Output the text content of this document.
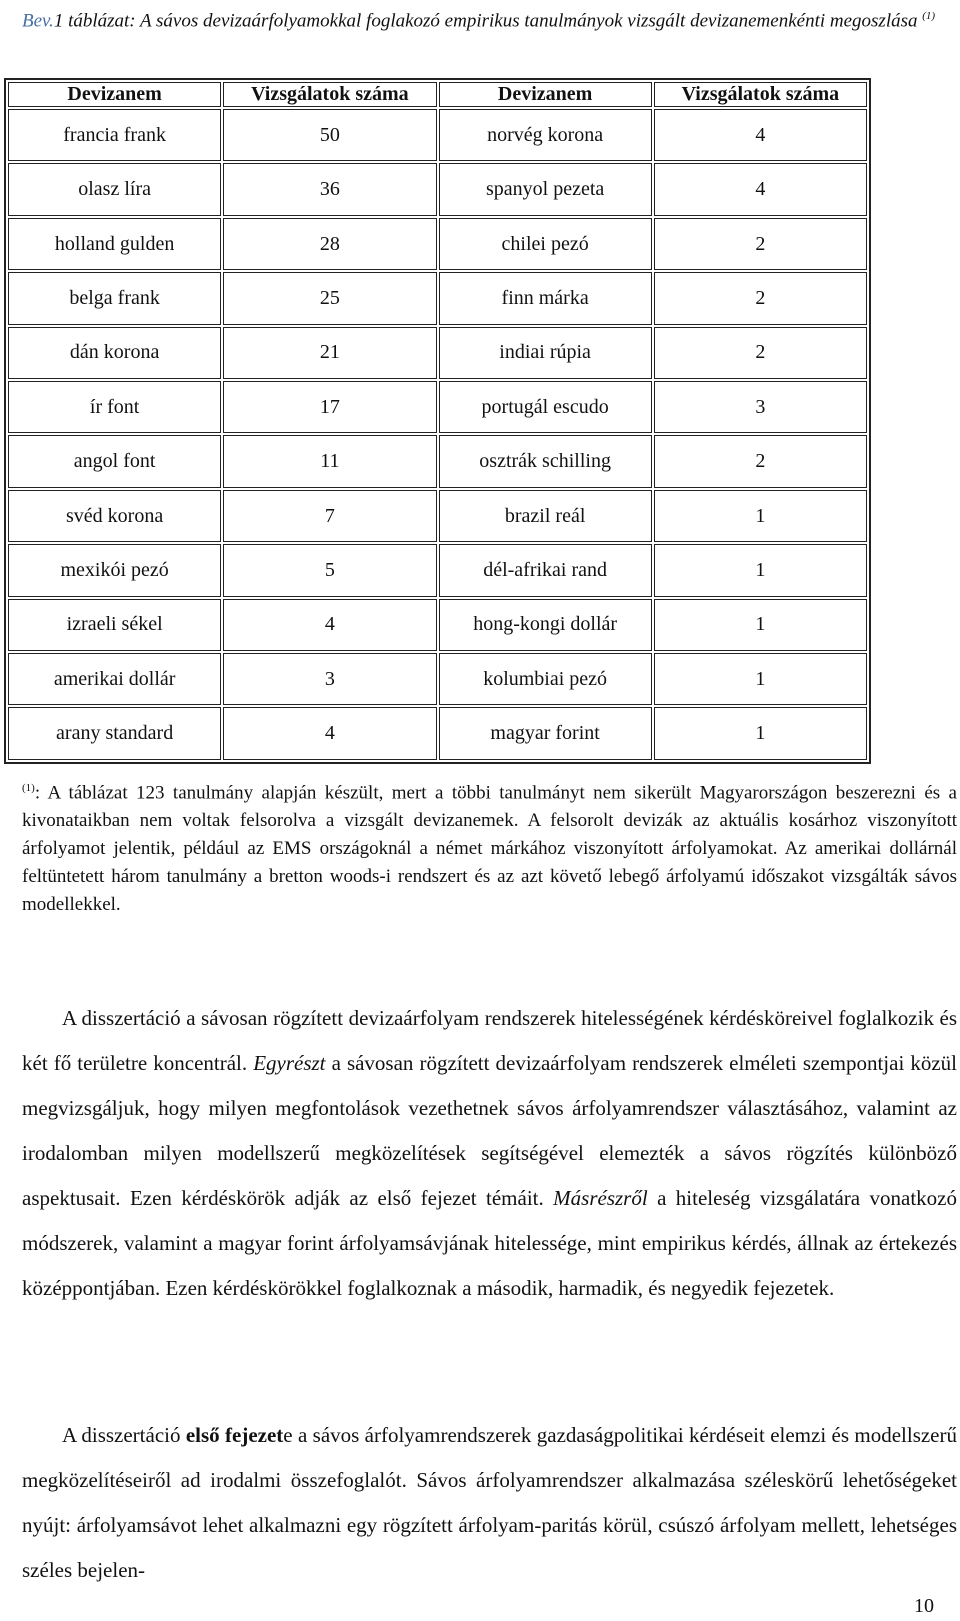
Bev.1 táblázat: A sávos devizaárfolyamokkal foglakozó empirikus tanulmányok vizsgált devizanemenkénti megoszlása $^{(1)}$

Devizanem	Vizsgálatok száma	Devizanem	Vizsgálatok száma
francia frank	50	norvég korona	4
olasz líra	36	spanyol pezeta	4
holland gulden	28	chilei pezó	2
belga frank	25	finn márka	2
dán korona	21	indiai rúpia	2
ír font	17	portugál escudo	3
angol font	11	osztrák schilling	2
svéd korona	7	brazil reál	1
mexikói pezó	5	dél-afrikai rand	1
izraeli sékel	4	hong-kongi dollár	1
amerikai dollár	3	kolumbiai pezó	1
arany standard	4	magyar forint	1

$^{(1)}$: A táblázat 123 tanulmány alapján készült, mert a többi tanulmányt nem sikerült Magyarországon beszerezni és a kivonataikban nem voltak felsorolva a vizsgált devizanemek. A felsorolt devizák az aktuális kosárhoz viszonyított árfolyamot jelentik, például az EMS országoknál a német márkához viszonyított árfolyamokat. Az amerikai dollárnál feltüntetett három tanulmány a bretton woods-i rendszert és az azt követő lebegő árfolyamú időszakot vizsgálták sávos modellekkel.

A disszertáció a sávosan rögzített devizaárfolyam rendszerek hitelességének kérdésköreivel foglalkozik és két fő területre koncentrál. Egyrészt a sávosan rögzített devizaárfolyam rendszerek elméleti szempontjai közül megvizsgáljuk, hogy milyen megfontolások vezethetnek sávos árfolyamrendszer választásához, valamint az irodalomban milyen modellszerű megközelítések segítségével elemezték a sávos rögzítés különböző aspektusait. Ezen kérdéskörök adják az első fejezet témáit. Másrészről a hiteleség vizsgálatára vonatkozó módszerek, valamint a magyar forint árfolyamsávjának hitelessége, mint empirikus kérdés, állnak az értekezés középpontjában. Ezen kérdéskörökkel foglalkoznak a második, harmadik, és negyedik fejezetek.

A disszertáció első fejezete a sávos árfolyamrendszerek gazdaságpolitikai kérdéseit elemzi és modellszerű megközelítéseiről ad irodalmi összefoglalót. Sávos árfolyamrendszer alkalmazása széleskörű lehetőségeket nyújt: árfolyamsávot lehet alkalmazni egy rögzített árfolyam-paritás körül, csúszó árfolyam mellett, lehetséges széles bejelen-

10
